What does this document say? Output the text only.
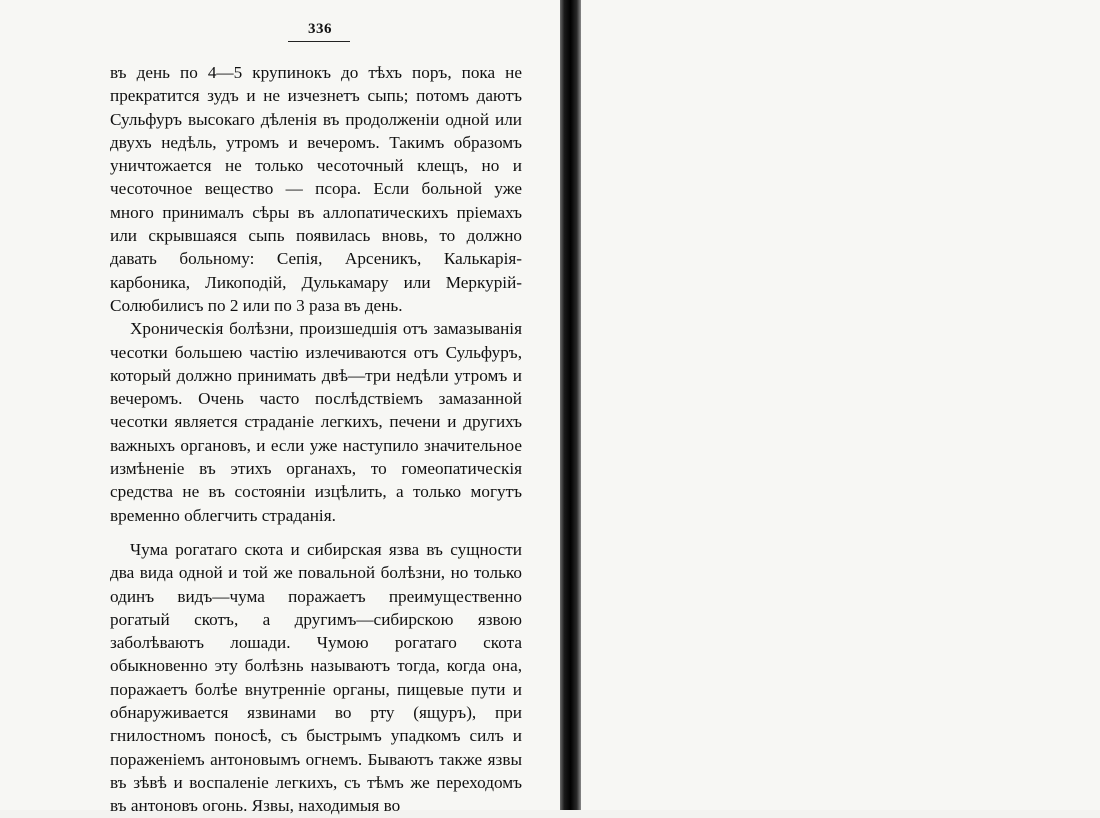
336

въ день по 4—5 крупинокъ до тѣхъ поръ, пока не прекратится зудъ и не изчезнетъ сыпь; потомъ даютъ Сульфуръ высокаго дѣленія въ продолженіи одной или двухъ недѣль, утромъ и вечеромъ. Такимъ образомъ уничтожается не только чесоточный клещъ, но и чесоточное вещество — псора. Если больной уже много принималъ сѣры въ аллопатическихъ пріемахъ или скрывшаяся сыпь появилась вновь, то должно давать больному: Сепія, Арсеникъ, Калькарія-карбоника, Ликоподій, Дулькамару или Меркурій-Солюбилисъ по 2 или по 3 раза въ день.

Хроническія болѣзни, произшедшія отъ замазыванія чесотки большею частію излечиваются отъ Сульфуръ, который должно принимать двѣ—три недѣли утромъ и вечеромъ. Очень часто послѣдствіемъ замазанной чесотки является страданіе легкихъ, печени и другихъ важныхъ органовъ, и если уже наступило значительное измѣненіе въ этихъ органахъ, то гомеопатическія средства не въ состояніи изцѣлить, а только могутъ временно облегчить страданія.

Чума рогатаго скота и сибирская язва въ сущности два вида одной и той же повальной болѣзни, но только одинъ видъ—чума поражаетъ преимущественно рогатый скотъ, а другимъ—сибирскою язвою заболѣваютъ лошади. Чумою рогатаго скота обыкновенно эту болѣзнь называютъ тогда, когда она, поражаетъ болѣе внутренніе органы, пищевые пути и обнаруживается язвинами во рту (ящуръ), при гнилостномъ поносѣ, съ быстрымъ упадкомъ силъ и пораженіемъ антоновымъ огнемъ. Бываютъ также язвы въ зѣвѣ и воспаленіе легкихъ, съ тѣмъ же переходомъ въ антоновъ огонь. Язвы, находимыя во
